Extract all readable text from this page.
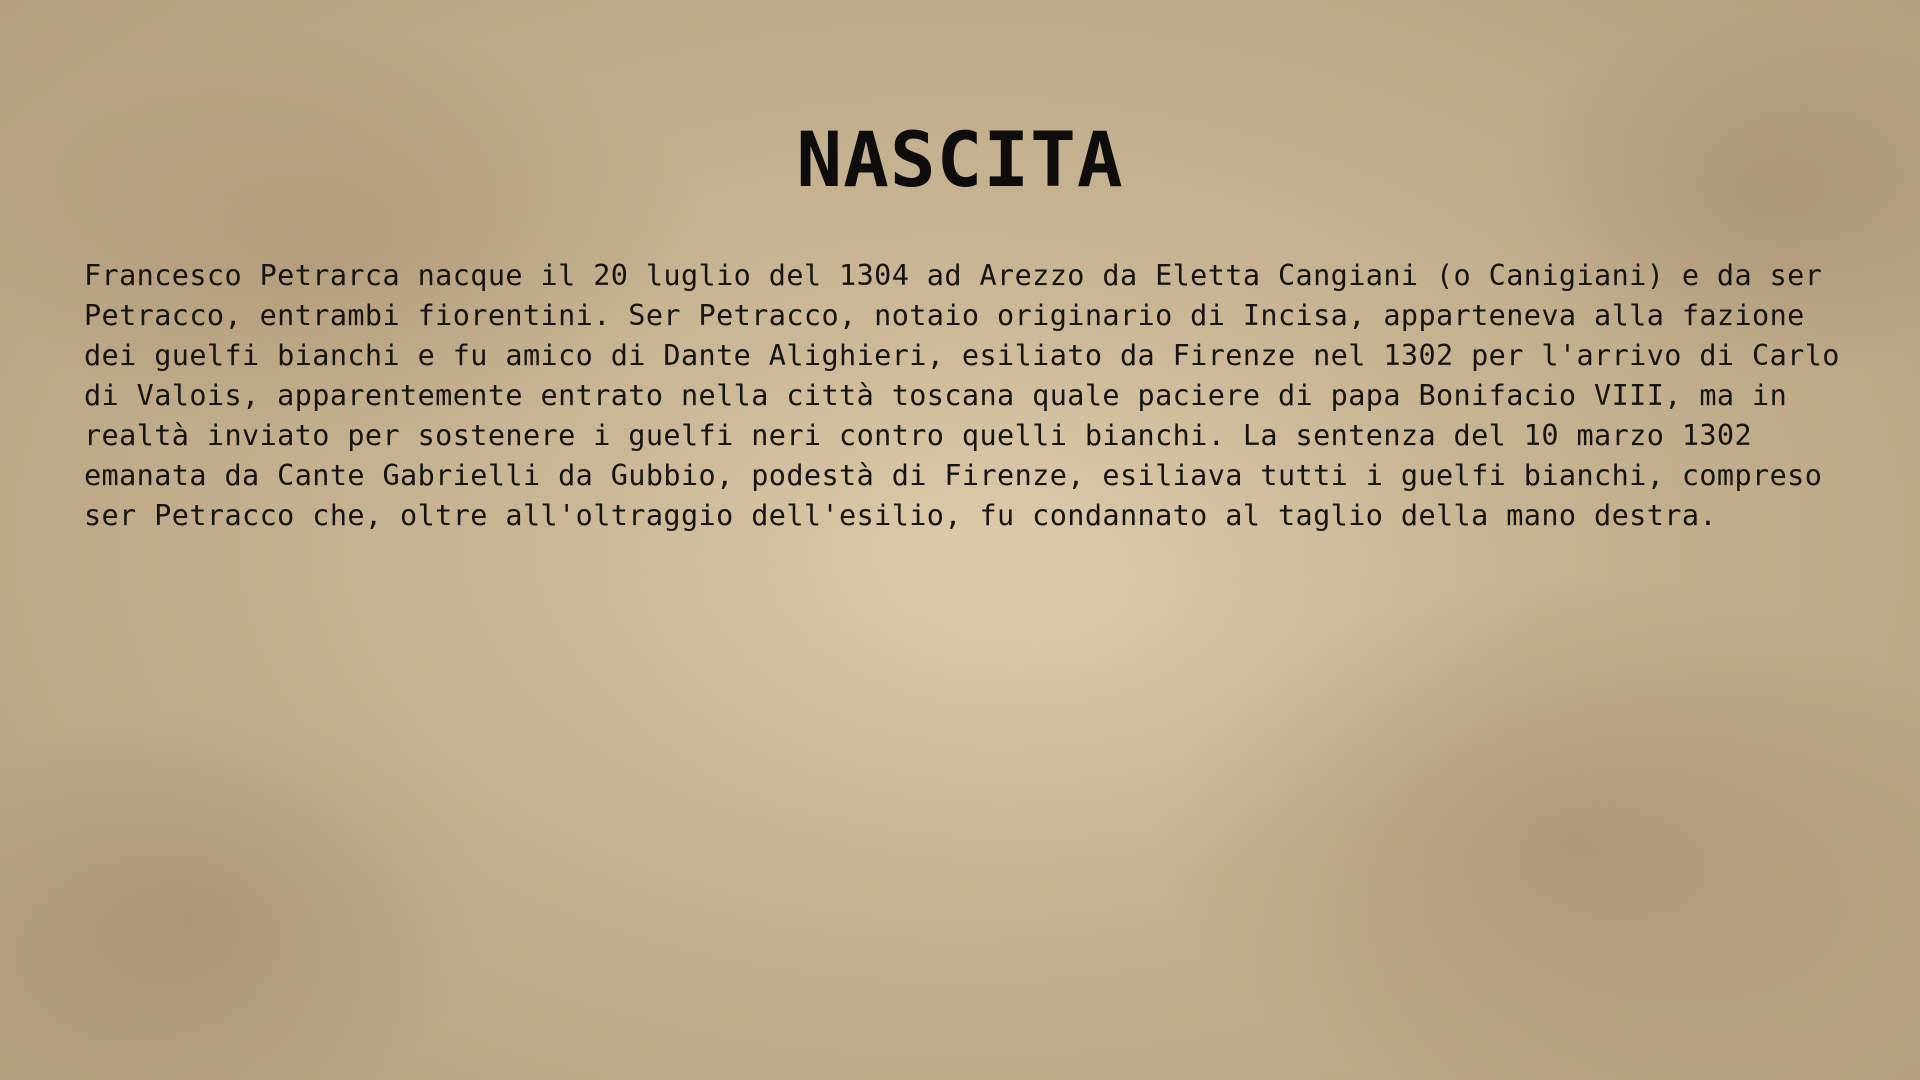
NASCITA

Francesco Petrarca nacque il 20 luglio del 1304 ad Arezzo da Eletta Cangiani (o Canigiani) e da ser Petracco, entrambi fiorentini. Ser Petracco, notaio originario di Incisa, apparteneva alla fazione dei guelfi bianchi e fu amico di Dante Alighieri, esiliato da Firenze nel 1302 per l'arrivo di Carlo di Valois, apparentemente entrato nella città toscana quale paciere di papa Bonifacio VIII, ma in realtà inviato per sostenere i guelfi neri contro quelli bianchi. La sentenza del 10 marzo 1302 emanata da Cante Gabrielli da Gubbio, podestà di Firenze, esiliava tutti i guelfi bianchi, compreso ser Petracco che, oltre all'oltraggio dell'esilio, fu condannato al taglio della mano destra.
